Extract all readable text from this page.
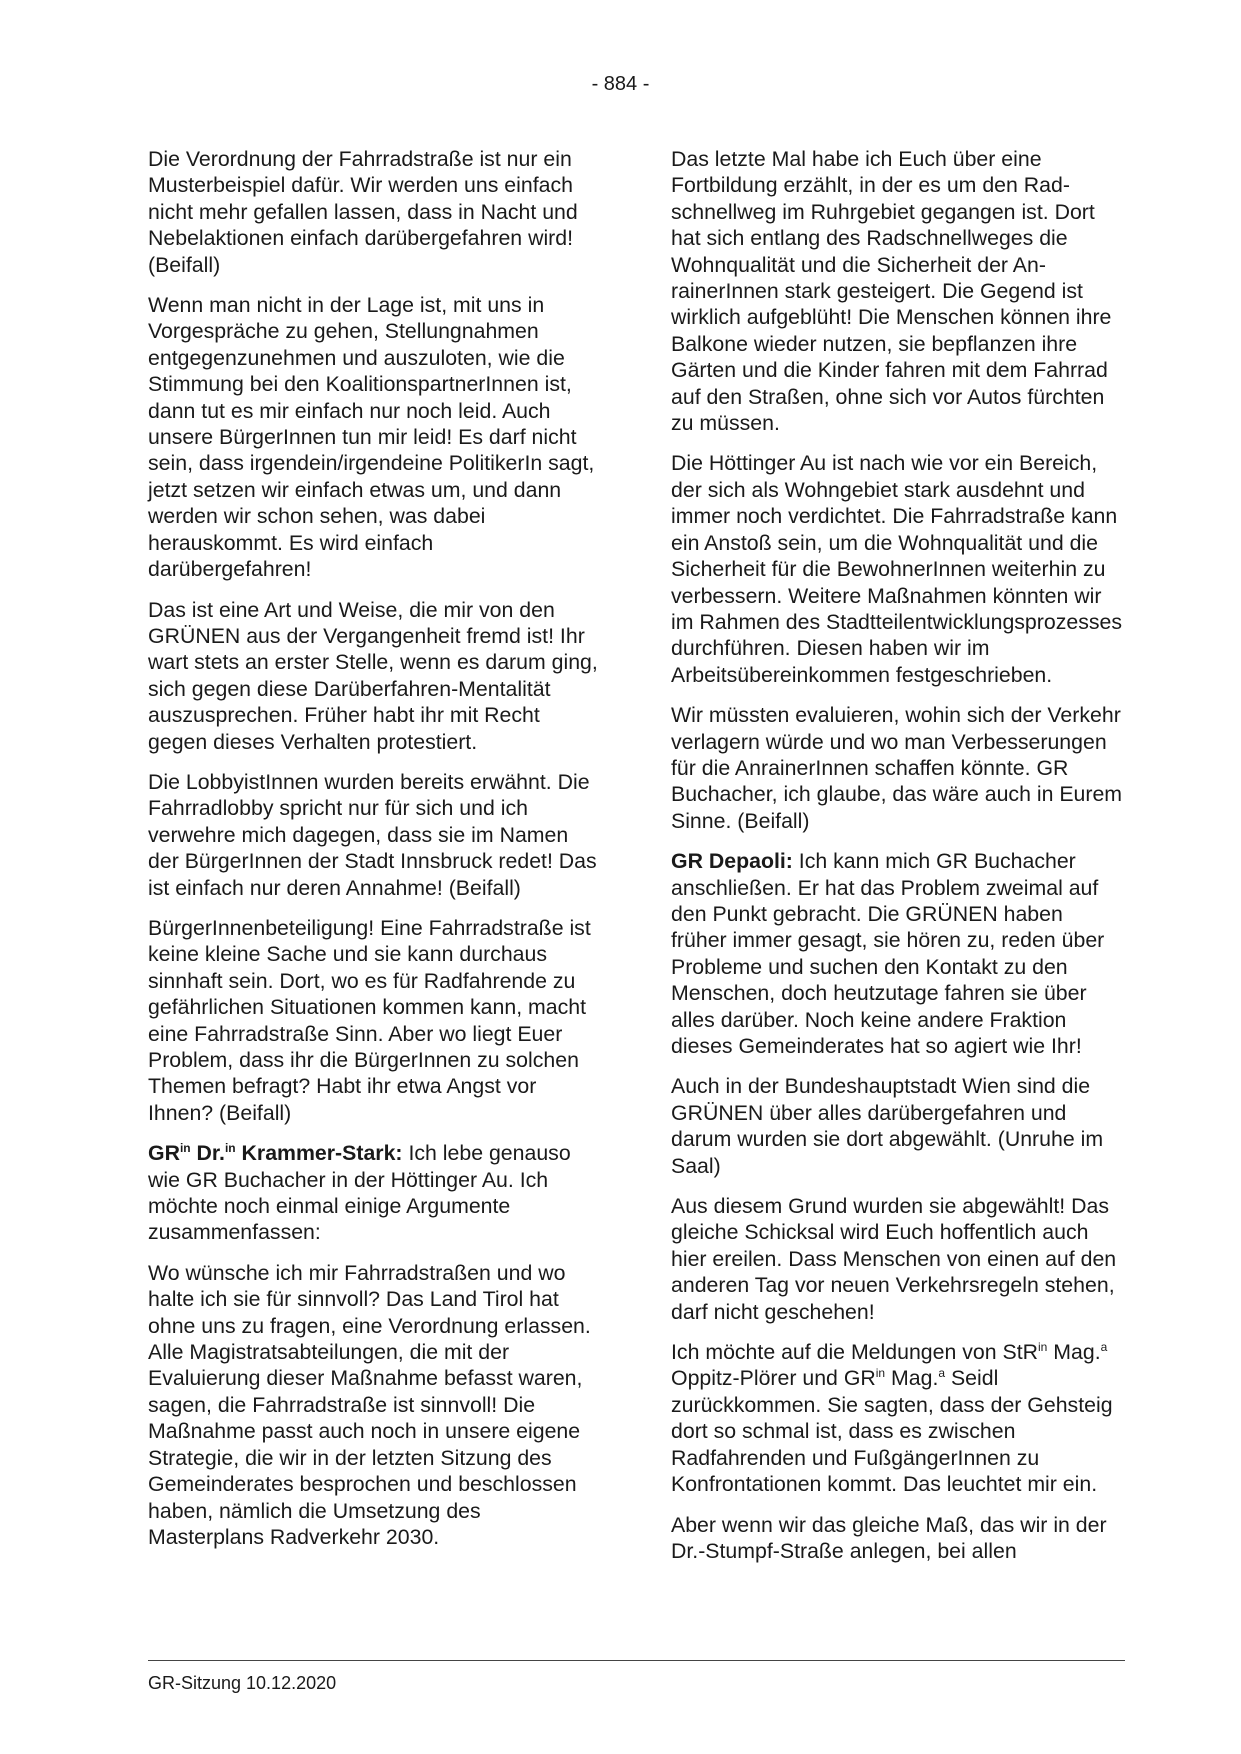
- 884 -

Die Verordnung der Fahrradstraße ist nur ein Musterbeispiel dafür. Wir werden uns einfach nicht mehr gefallen lassen, dass in Nacht und Nebelaktionen einfach darübergefahren wird! (Beifall)

Wenn man nicht in der Lage ist, mit uns in Vorgespräche zu gehen, Stellungnahmen entgegenzunehmen und auszuloten, wie die Stimmung bei den KoalitionspartnerInnen ist, dann tut es mir einfach nur noch leid. Auch unsere BürgerInnen tun mir leid! Es darf nicht sein, dass irgendein/irgendeine PolitikerIn sagt, jetzt setzen wir einfach etwas um, und dann werden wir schon sehen, was dabei herauskommt. Es wird einfach darübergefahren!

Das ist eine Art und Weise, die mir von den GRÜNEN aus der Vergangenheit fremd ist! Ihr wart stets an erster Stelle, wenn es darum ging, sich gegen diese Darüberfahren-Mentalität auszusprechen. Früher habt ihr mit Recht gegen dieses Verhalten protestiert.

Die LobbyistInnen wurden bereits erwähnt. Die Fahrradlobby spricht nur für sich und ich verwehre mich dagegen, dass sie im Namen der BürgerInnen der Stadt Innsbruck redet! Das ist einfach nur deren Annahme! (Beifall)

BürgerInnenbeteiligung! Eine Fahrradstraße ist keine kleine Sache und sie kann durchaus sinnhaft sein. Dort, wo es für Radfahrende zu gefährlichen Situationen kommen kann, macht eine Fahrradstraße Sinn. Aber wo liegt Euer Problem, dass ihr die BürgerInnen zu solchen Themen befragt? Habt ihr etwa Angst vor Ihnen? (Beifall)

$GR^{in}$ Dr.$^{in}$ Krammer-Stark: Ich lebe genauso wie GR Buchacher in der Höttinger Au. Ich möchte noch einmal einige Argumente zusammenfassen:

Wo wünsche ich mir Fahrradstraßen und wo halte ich sie für sinnvoll? Das Land Tirol hat ohne uns zu fragen, eine Verordnung erlassen. Alle Magistratsabteilungen, die mit der Evaluierung dieser Maßnahme befasst waren, sagen, die Fahrradstraße ist sinnvoll! Die Maßnahme passt auch noch in unsere eigene Strategie, die wir in der letzten Sitzung des Gemeinderates besprochen und beschlossen haben, nämlich die Umsetzung des Masterplans Radverkehr 2030.

Das letzte Mal habe ich Euch über eine Fortbildung erzählt, in der es um den Radschnellweg im Ruhrgebiet gegangen ist. Dort hat sich entlang des Radschnellweges die Wohnqualität und die Sicherheit der AnrainerInnen stark gesteigert. Die Gegend ist wirklich aufgeblüht! Die Menschen können ihre Balkone wieder nutzen, sie bepflanzen ihre Gärten und die Kinder fahren mit dem Fahrrad auf den Straßen, ohne sich vor Autos fürchten zu müssen.

Die Höttinger Au ist nach wie vor ein Bereich, der sich als Wohngebiet stark ausdehnt und immer noch verdichtet. Die Fahrradstraße kann ein Anstoß sein, um die Wohnqualität und die Sicherheit für die BewohnerInnen weiterhin zu verbessern. Weitere Maßnahmen könnten wir im Rahmen des Stadtteilentwicklungsprozesses durchführen. Diesen haben wir im Arbeitsübereinkommen festgeschrieben.

Wir müssten evaluieren, wohin sich der Verkehr verlagern würde und wo man Verbesserungen für die AnrainerInnen schaffen könnte. GR Buchacher, ich glaube, das wäre auch in Eurem Sinne. (Beifall)

GR Depaoli: Ich kann mich GR Buchacher anschließen. Er hat das Problem zweimal auf den Punkt gebracht. Die GRÜNEN haben früher immer gesagt, sie hören zu, reden über Probleme und suchen den Kontakt zu den Menschen, doch heutzutage fahren sie über alles darüber. Noch keine andere Fraktion dieses Gemeinderates hat so agiert wie Ihr!

Auch in der Bundeshauptstadt Wien sind die GRÜNEN über alles darübergefahren und darum wurden sie dort abgewählt. (Unruhe im Saal)

Aus diesem Grund wurden sie abgewählt! Das gleiche Schicksal wird Euch hoffentlich auch hier ereilen. Dass Menschen von einen auf den anderen Tag vor neuen Verkehrsregeln stehen, darf nicht geschehen!

Ich möchte auf die Meldungen von StR$^{in}$ Mag.$^a$ Oppitz-Plörer und $GR^{in}$ Mag.$^a$ Seidl zurückkommen. Sie sagten, dass der Gehsteig dort so schmal ist, dass es zwischen Radfahrenden und FußgängerInnen zu Konfrontationen kommt. Das leuchtet mir ein.

Aber wenn wir das gleiche Maß, das wir in der Dr.-Stumpf-Straße anlegen, bei allen

GR-Sitzung 10.12.2020
